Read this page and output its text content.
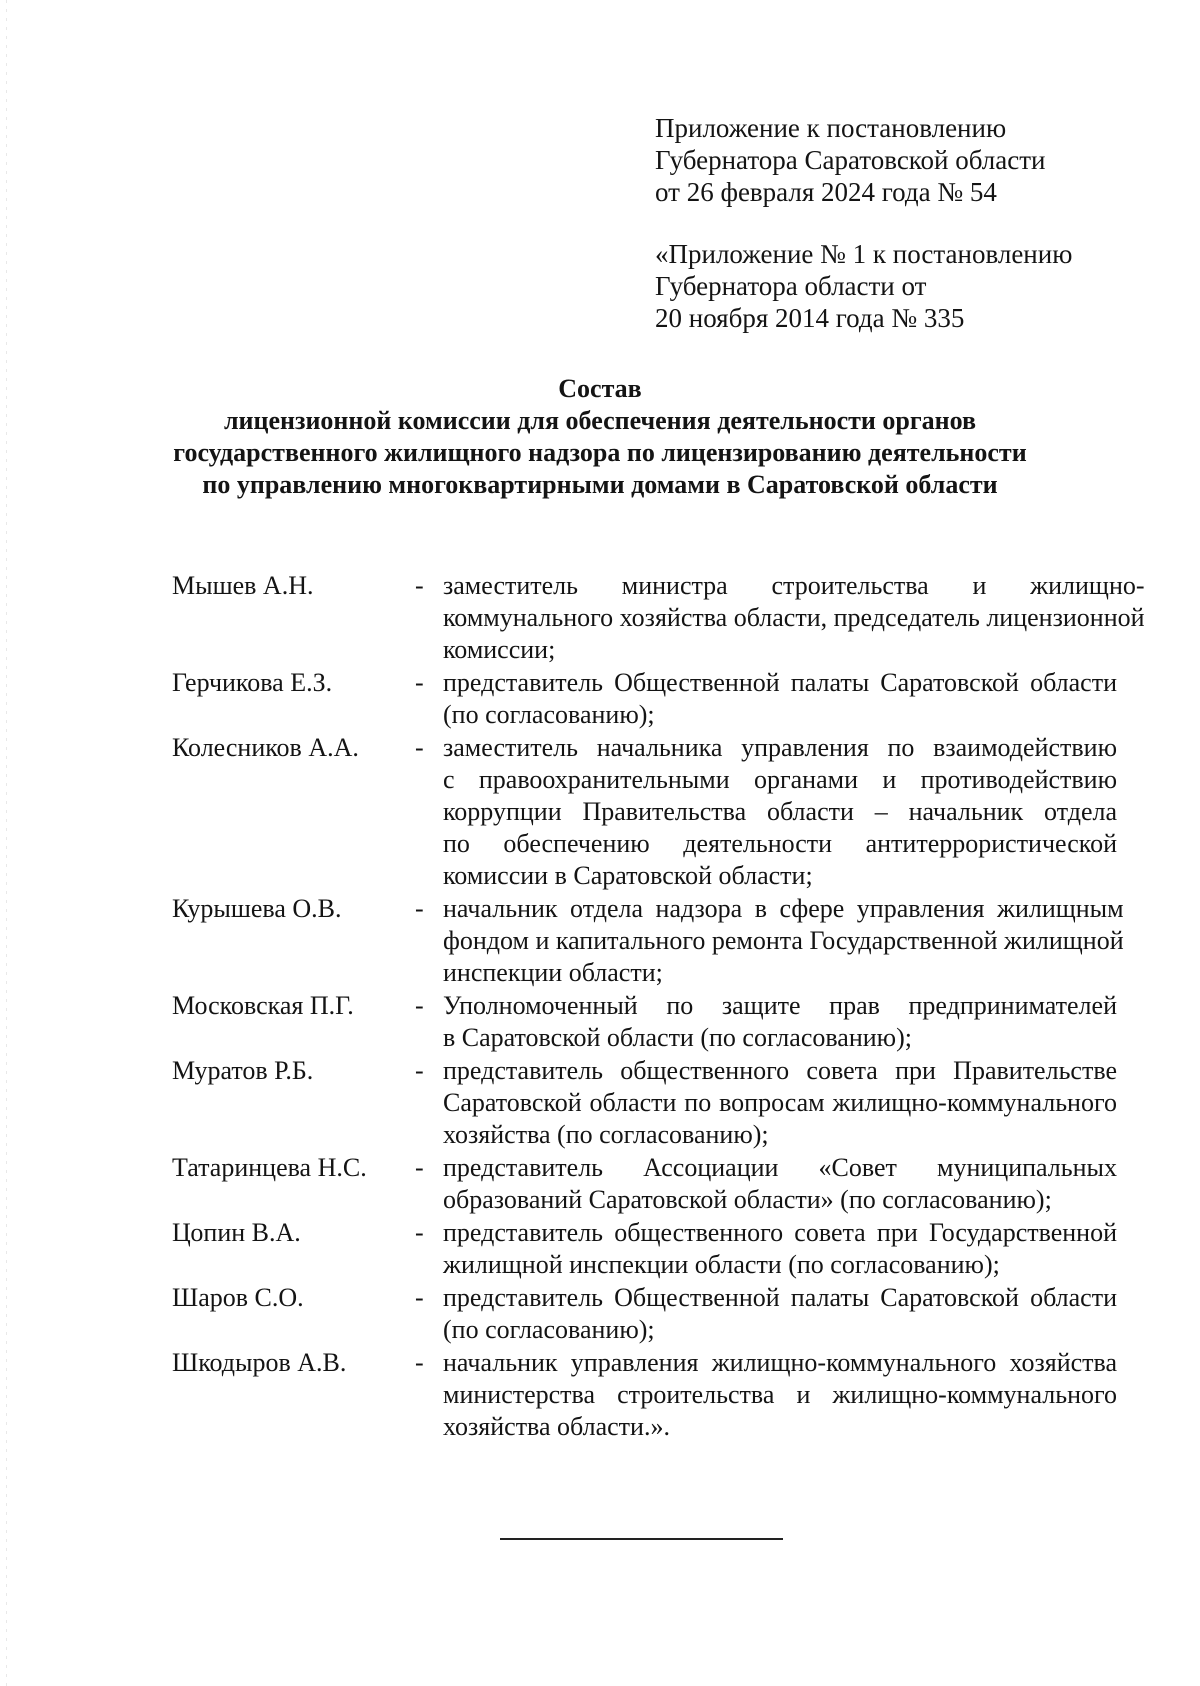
Приложение к постановлению
Губернатора Саратовской области
от 26 февраля 2024 года № 54
«Приложение № 1 к постановлению
Губернатора области от
20 ноября 2014 года № 335
Состав
лицензионной комиссии для обеспечения деятельности органов
государственного жилищного надзора по лицензированию деятельности
по управлению многоквартирными домами в Саратовской области
Мышев А.Н.	- заместитель министра строительства и жилищно-
коммунального хозяйства области, председатель лицензионной
комиссии;
Герчикова Е.З.	- представитель Общественной палаты Саратовской области
(по согласованию);
Колесников А.А.	- заместитель начальника управления по взаимодействию
с правоохранительными органами и противодействию
коррупции Правительства области – начальник отдела
по обеспечению деятельности антитеррористической
комиссии в Саратовской области;
Курышева О.В.	- начальник отдела надзора в сфере управления жилищным
фондом и капитального ремонта Государственной жилищной
инспекции области;
Московская П.Г.	- Уполномоченный по защите прав предпринимателей
в Саратовской области (по согласованию);
Муратов Р.Б.	- представитель общественного совета при Правительстве
Саратовской области по вопросам жилищно-коммунального
хозяйства (по согласованию);
Татаринцева Н.С.	- представитель Ассоциации «Совет муниципальных
образований Саратовской области» (по согласованию);
Цопин В.А.	- представитель общественного совета при Государственной
жилищной инспекции области (по согласованию);
Шаров С.О.	- представитель Общественной палаты Саратовской области
(по согласованию);
Шкодыров А.В.	- начальник управления жилищно-коммунального хозяйства
министерства строительства и жилищно-коммунального
хозяйства области.».
